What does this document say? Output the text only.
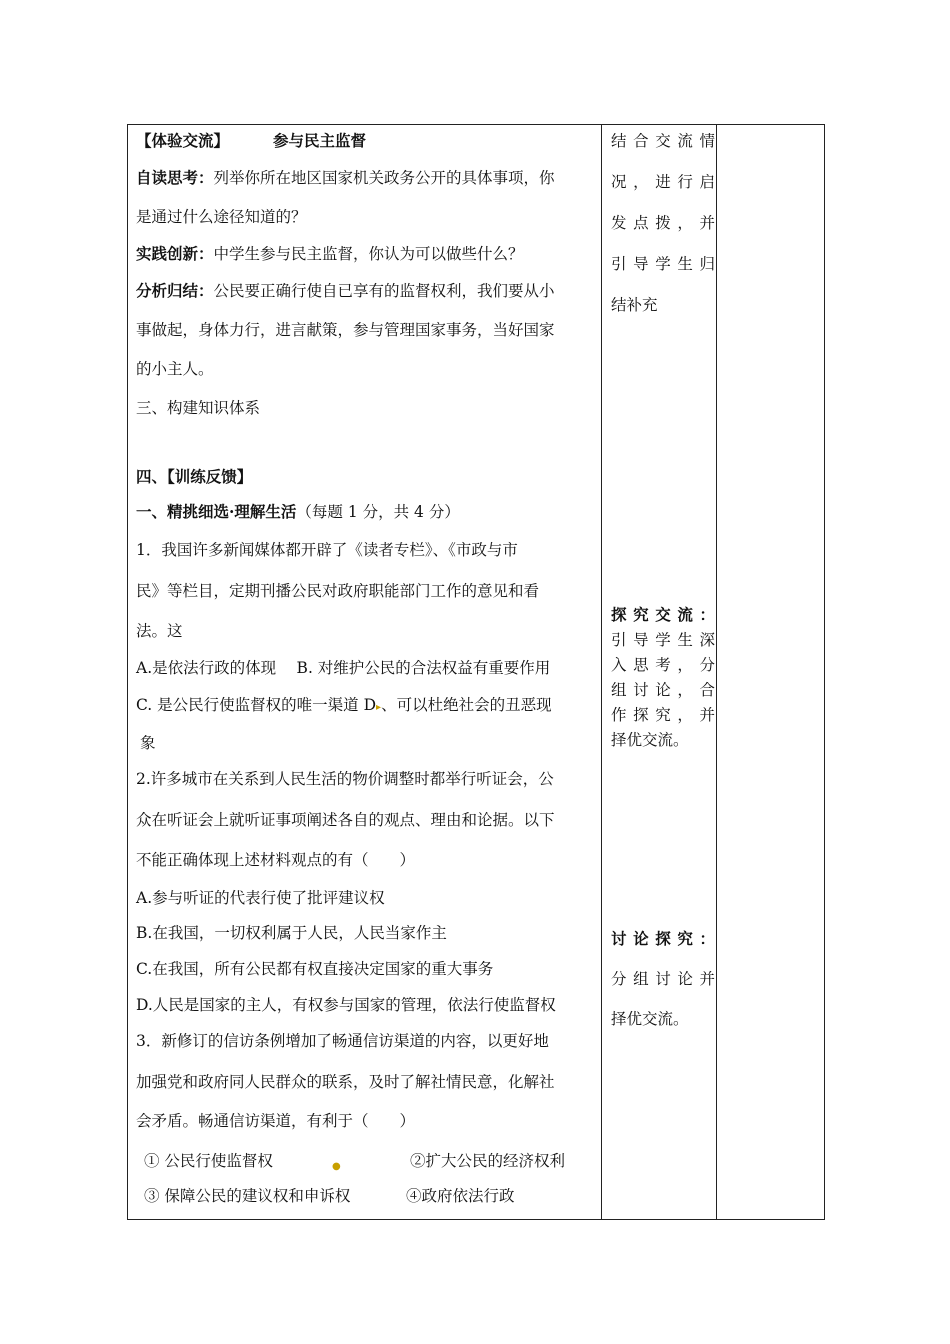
【体验交流】	参与民主监督
自读思考：列举你所在地区国家机关政务公开的具体事项，你
是通过什么途径知道的？
实践创新：中学生参与民主监督，你认为可以做些什么？
分析归结：公民要正确行使自已享有的监督权利，我们要从小
事做起，身体力行，进言献策，参与管理国家事务，当好国家
的小主人。
三、构建知识体系
四、【训练反馈】
一、精挑细选·理解生活（每题 1 分，共 4 分）
1．我国许多新闻媒体都开辟了《读者专栏》、《市政与市
民》等栏目，定期刊播公民对政府职能部门工作的意见和看
法。这
A.是依法行政的体现　 B. 对维护公民的合法权益有重要作用
C. 是公民行使监督权的唯一渠道 D▸、可以杜绝社会的丑恶现
象
2.许多城市在关系到人民生活的物价调整时都举行听证会，公
众在听证会上就听证事项阐述各自的观点、理由和论据。以下
不能正确体现上述材料观点的有（　　）
A.参与听证的代表行使了批评建议权
B.在我国，一切权利属于人民，人民当家作主
C.在我国，所有公民都有权直接决定国家的重大事务
D.人民是国家的主人，有权参与国家的管理，依法行使监督权
3．新修订的信访条例增加了畅通信访渠道的内容，以更好地
加强党和政府同人民群众的联系，及时了解社情民意，化解社
会矛盾。畅通信访渠道，有利于（　　）
① 公民行使监督权	●	②扩大公民的经济权利
③ 保障公民的建议权和申诉权	④政府依法行政
结合交流情
况，进行启
发点拨，并
引导学生归
结补充
探究交流：
引导学生深
入思考，分
组讨论，合
作探究，并
择优交流。
讨论探究：
分组讨论并
择优交流。
